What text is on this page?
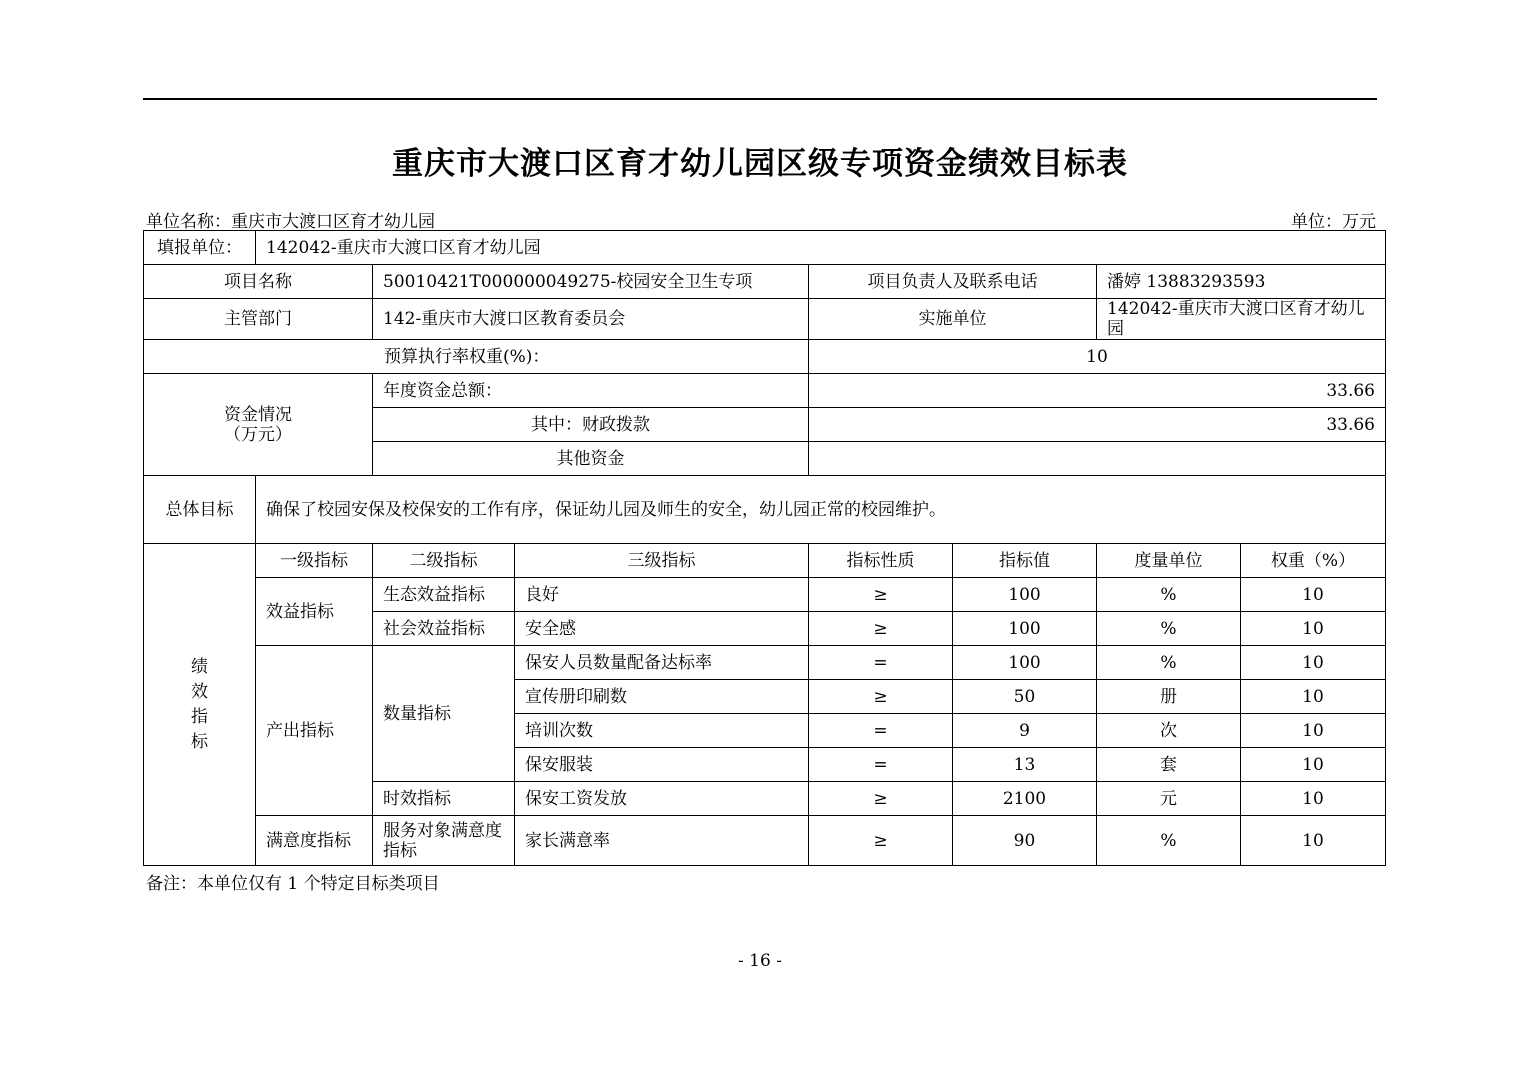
重庆市大渡口区育才幼儿园区级专项资金绩效目标表
单位名称：重庆市大渡口区育才幼儿园	单位：万元
填报单位：	142042-重庆市大渡口区育才幼儿园						
项目名称		50010421T000000049275-校园安全卫生专项		项目负责人及联系电话		潘婷 13883293593	
主管部门		142-重庆市大渡口区教育委员会		实施单位		142042-重庆市大渡口区育才幼儿园	
预算执行率权重(%)：				10			

资金情况
（万元）		年度资金总额：		33.66			
		其中：财政拨款		33.66			
		其他资金					
总体目标	确保了校园安保及校保安的工作有序，保证幼儿园及师生的安全，幼儿园正常的校园维护。						

绩
效
指
标	一级指标	二级指标	三级指标	指标性质	指标值	度量单位	权重（%）
	效益指标	生态效益指标	良好	≥	100	%	10
		社会效益指标	安全感	≥	100	%	10
	产出指标	数量指标	保安人员数量配备达标率	=	100	%	10
			宣传册印刷数	≥	50	册	10
			培训次数	=	9	次	10
			保安服装	=	13	套	10
		时效指标	保安工资发放	≥	2100	元	10
	满意度指标	服务对象满意度指标	家长满意率	≥	90	%	10
备注：本单位仅有 1 个特定目标类项目
- 16 -
